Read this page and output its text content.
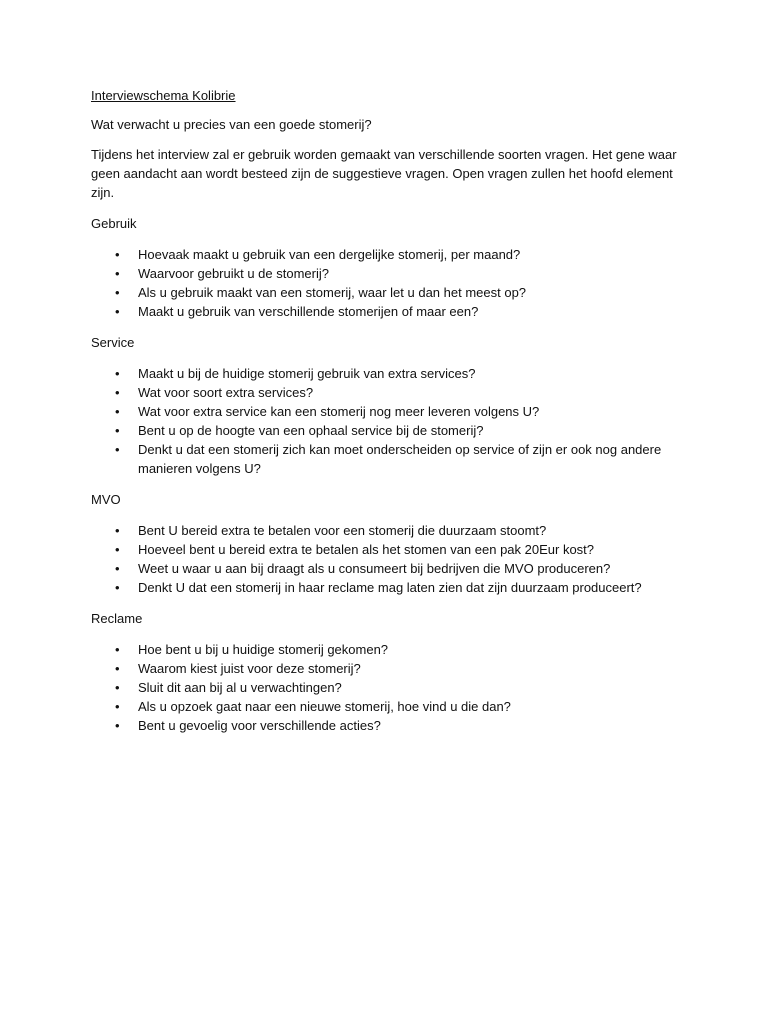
Interviewschema Kolibrie

Wat verwacht u precies van een goede stomerij?

Tijdens het interview zal er gebruik worden gemaakt van verschillende soorten vragen. Het gene waar geen aandacht aan wordt besteed zijn de suggestieve vragen. Open vragen zullen het hoofd element zijn.

Gebruik

• Hoevaak maakt u gebruik van een dergelijke stomerij, per maand?
• Waarvoor gebruikt u de stomerij?
• Als u gebruik maakt van een stomerij, waar let u dan het meest op?
• Maakt u gebruik van verschillende stomerijen of maar een?

Service

• Maakt u bij de huidige stomerij gebruik van extra services?
• Wat voor soort extra services?
• Wat voor extra service kan een stomerij nog meer leveren volgens U?
• Bent u op de hoogte van een ophaal service bij de stomerij?
• Denkt u dat een stomerij zich kan moet onderscheiden op service of zijn er ook nog andere manieren volgens U?

MVO

• Bent U bereid extra te betalen voor een stomerij die duurzaam stoomt?
• Hoeveel bent u bereid extra te betalen als het stomen van een pak 20Eur kost?
• Weet u waar u aan bij draagt als u consumeert bij bedrijven die MVO produceren?
• Denkt U dat een stomerij in haar reclame mag laten zien dat zijn duurzaam produceert?

Reclame

• Hoe bent u bij u huidige stomerij gekomen?
• Waarom kiest juist voor deze stomerij?
• Sluit dit aan bij al u verwachtingen?
• Als u opzoek gaat naar een nieuwe stomerij, hoe vind u die dan?
• Bent u gevoelig voor verschillende acties?
